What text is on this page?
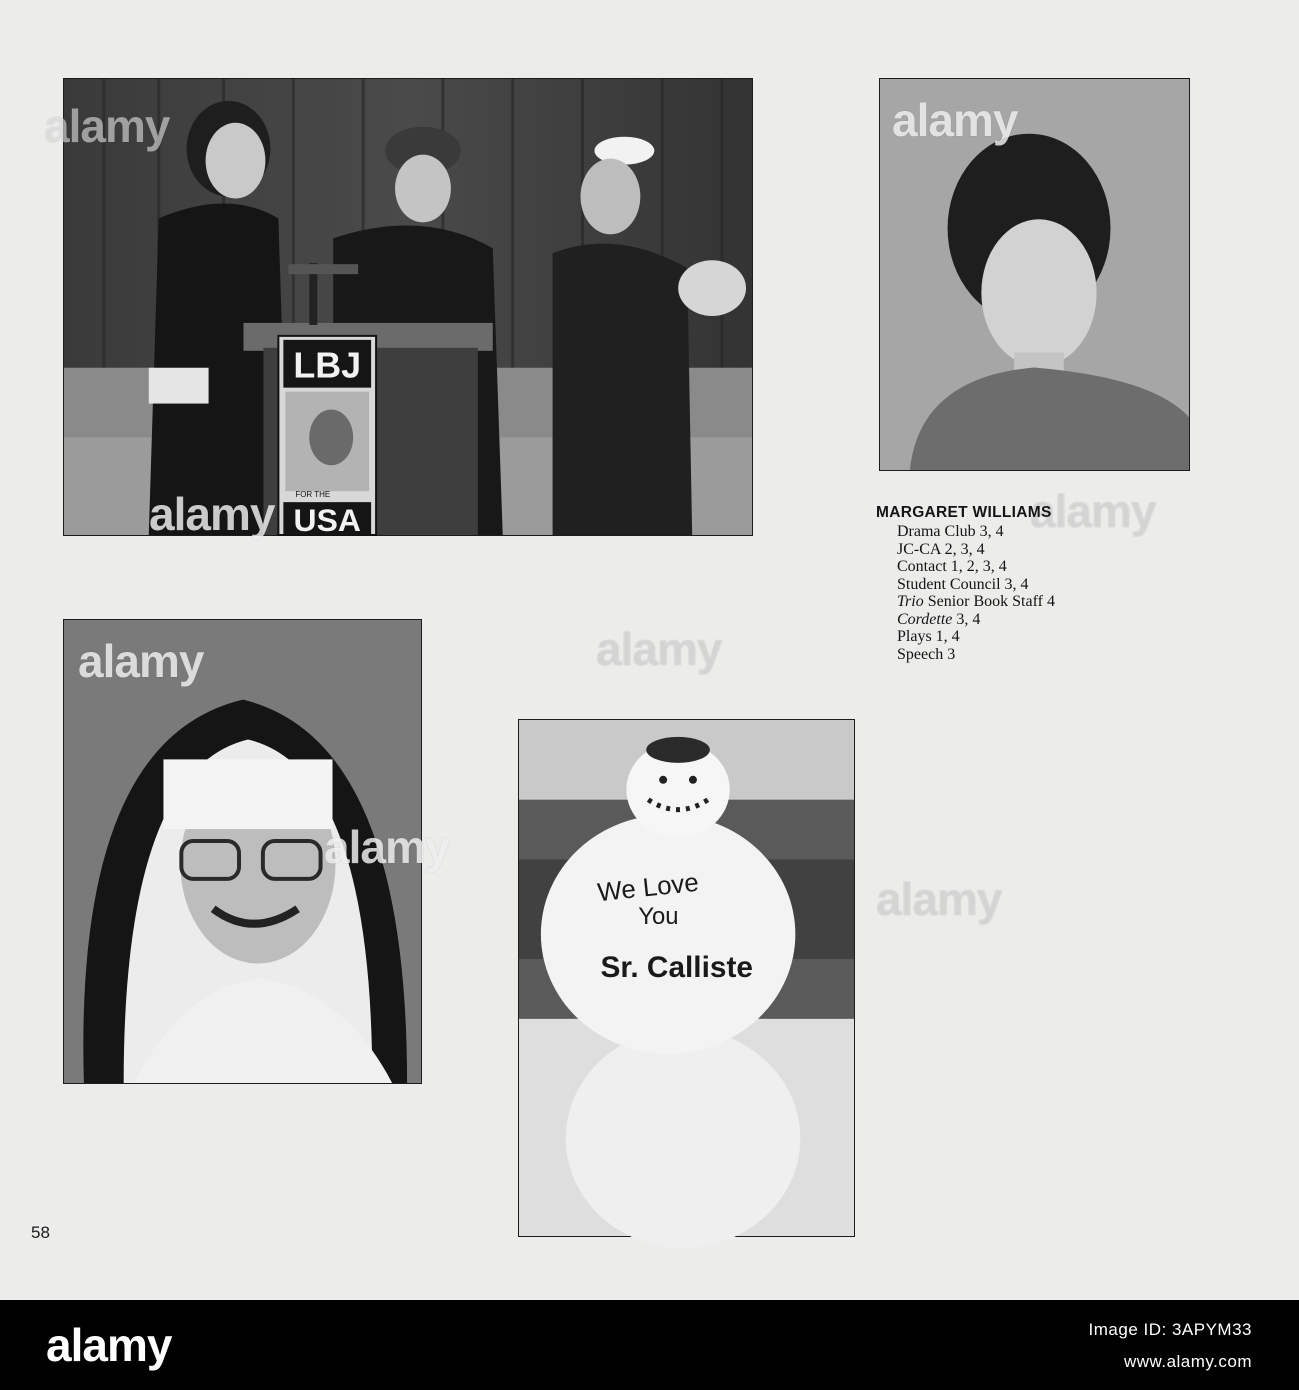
LBJ
FOR THE
USA
alamy
alamy	alamy
alamy
alamy
alamy
We Love
You
Sr. Calliste
alamy
alamy
MARGARET WILLIAMS
Drama Club 3, 4
JC-CA 2, 3, 4
Contact 1, 2, 3, 4
Student Council 3, 4
Trio Senior Book Staff 4
Cordette 3, 4
Plays 1, 4
Speech 3
58
alamy	Image ID: 3APYM33
www.alamy.com
